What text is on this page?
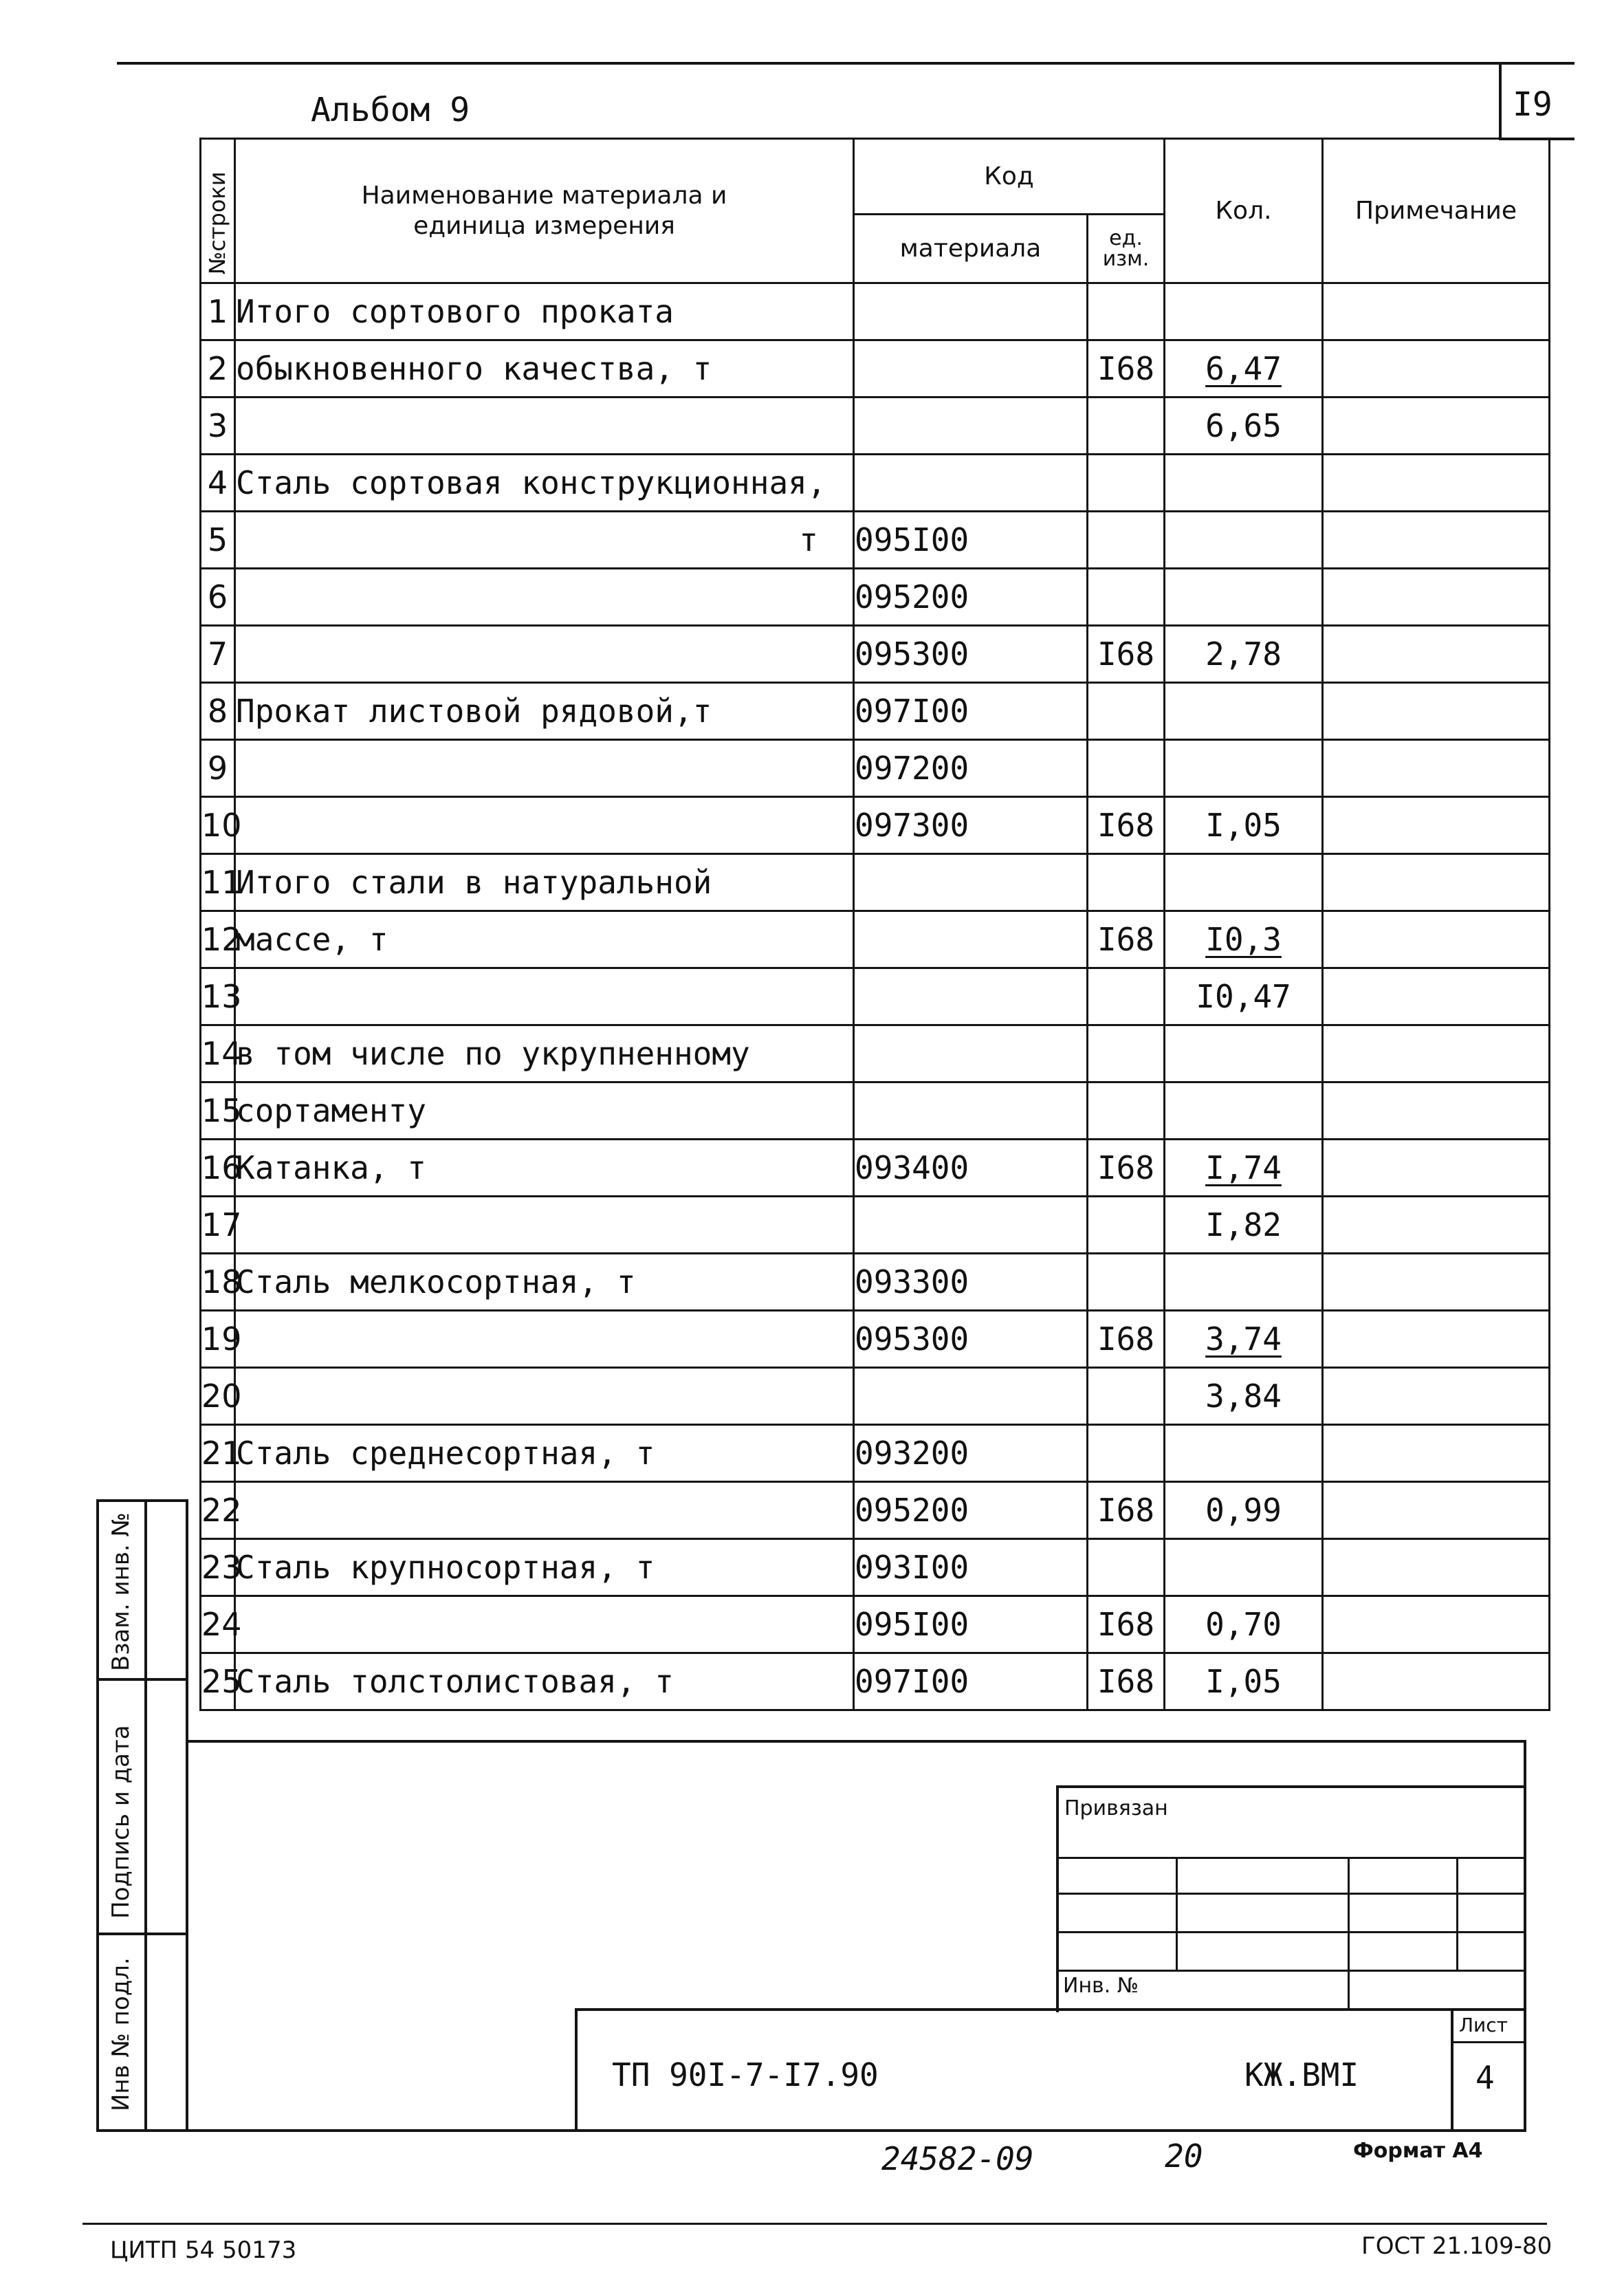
Альбом 9	I9
№строки	Наименование материала и единица измерения	Код		Кол.	Примечание
		материала	ед. изм.		

1	Итого сортового проката				
2	обыкновенного качества, т		I68	6,47	
3				6,65	
4	Сталь сортовая конструкционная,				
5	т	095I00			
6		095200			
7		095300	I68	2,78	
8	Прокат листовой рядовой,т	097I00			
9		097200			
10		097300	I68	I,05	
11	Итого стали в натуральной				
12	массе, т		I68	I0,3	
13				I0,47	
14	в том числе по укрупненному				
15	сортаменту				
16	Катанка, т	093400	I68	I,74	
17				I,82	
18	Сталь мелкосортная, т	093300			
19		095300	I68	3,74	
20				3,84	
21	Сталь среднесортная, т	093200			
22		095200	I68	0,99	
23	Сталь крупносортная, т	093I00			
24		095I00	I68	0,70	
25	Сталь толстолистовая, т	097I00	I68	I,05	
Взам. инв. №
Подпись и дата
Инв № подл.
Привязан
Инв. №
ТП 90I-7-I7.90	КЖ.ВМI
Лист
4
24582-09	20	Формат А4
ЦИТП 54 50173	ГОСТ 21.109-80
